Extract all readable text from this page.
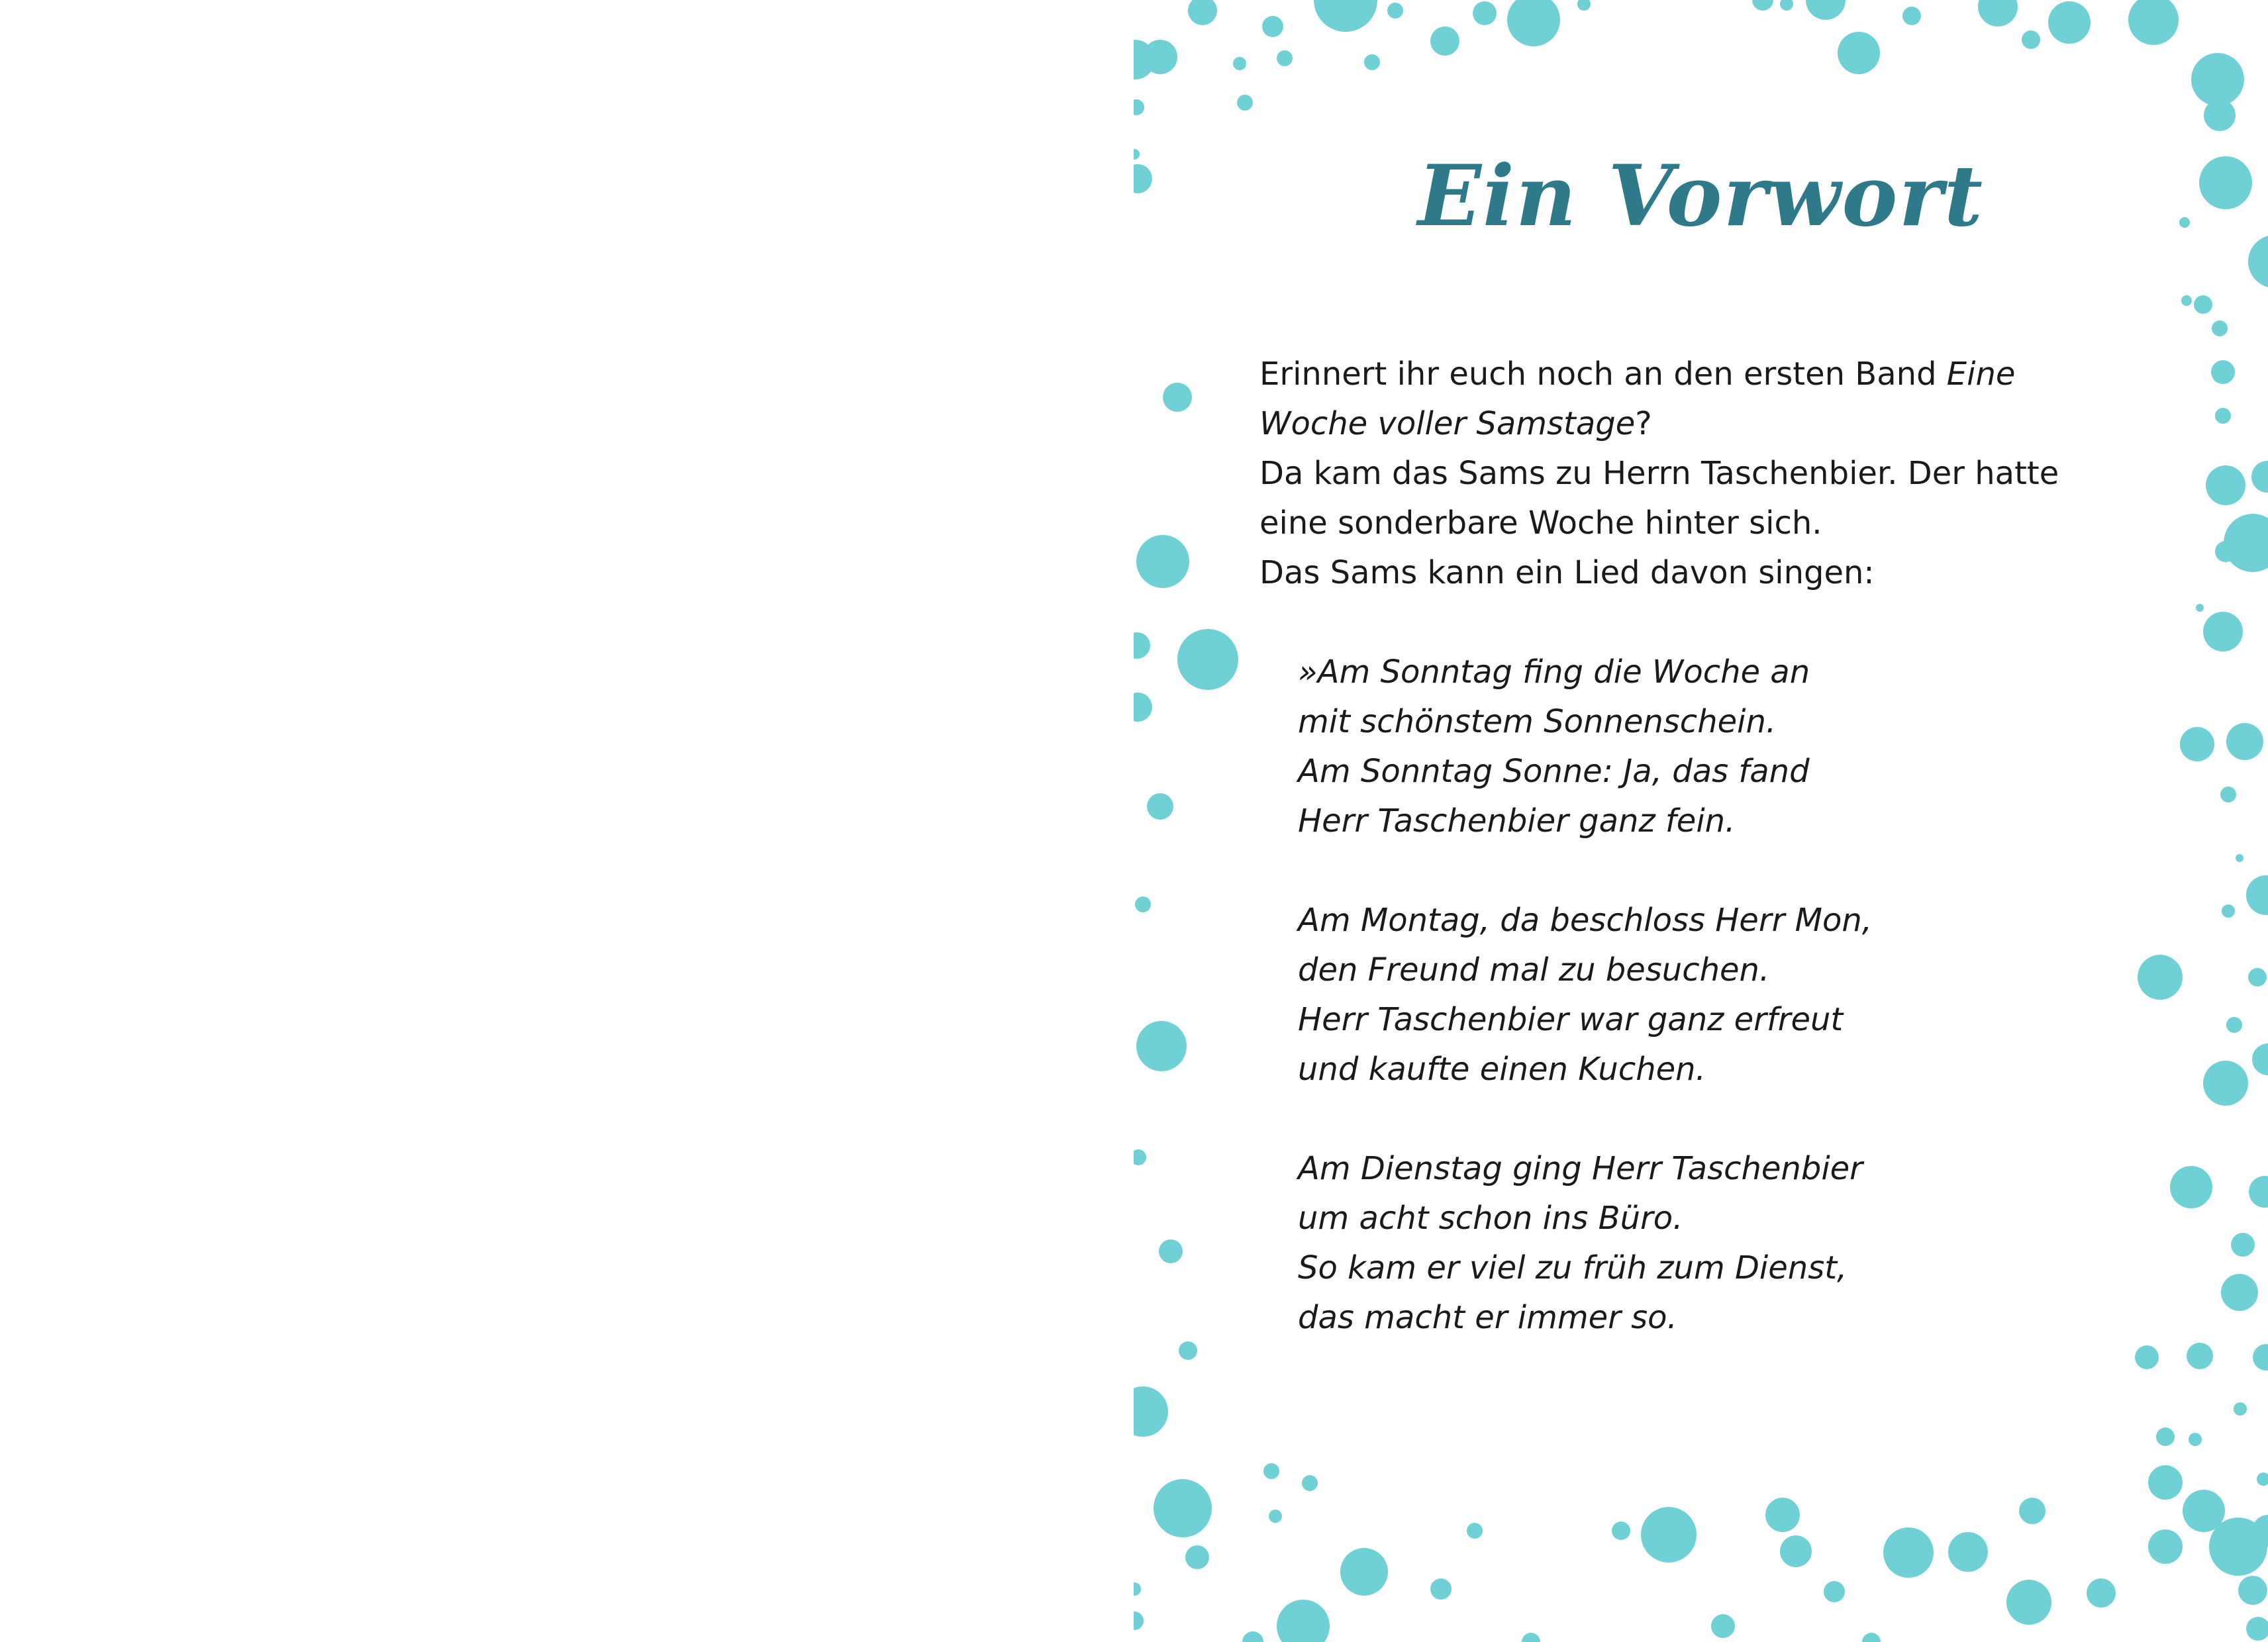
Ein Vorwort

Erinnert ihr euch noch an den ersten Band Eine Woche voller Samstage?

Da kam das Sams zu Herrn Taschenbier. Der hatte eine sonderbare Woche hinter sich.

Das Sams kann ein Lied davon singen:

»Am Sonntag fing die Woche an
mit schönstem Sonnenschein.
Am Sonntag Sonne: Ja, das fand
Herr Taschenbier ganz fein.

Am Montag, da beschloss Herr Mon,
den Freund mal zu besuchen.
Herr Taschenbier war ganz erfreut
und kaufte einen Kuchen.

Am Dienstag ging Herr Taschenbier
um acht schon ins Büro.
So kam er viel zu früh zum Dienst,
das macht er immer so.
